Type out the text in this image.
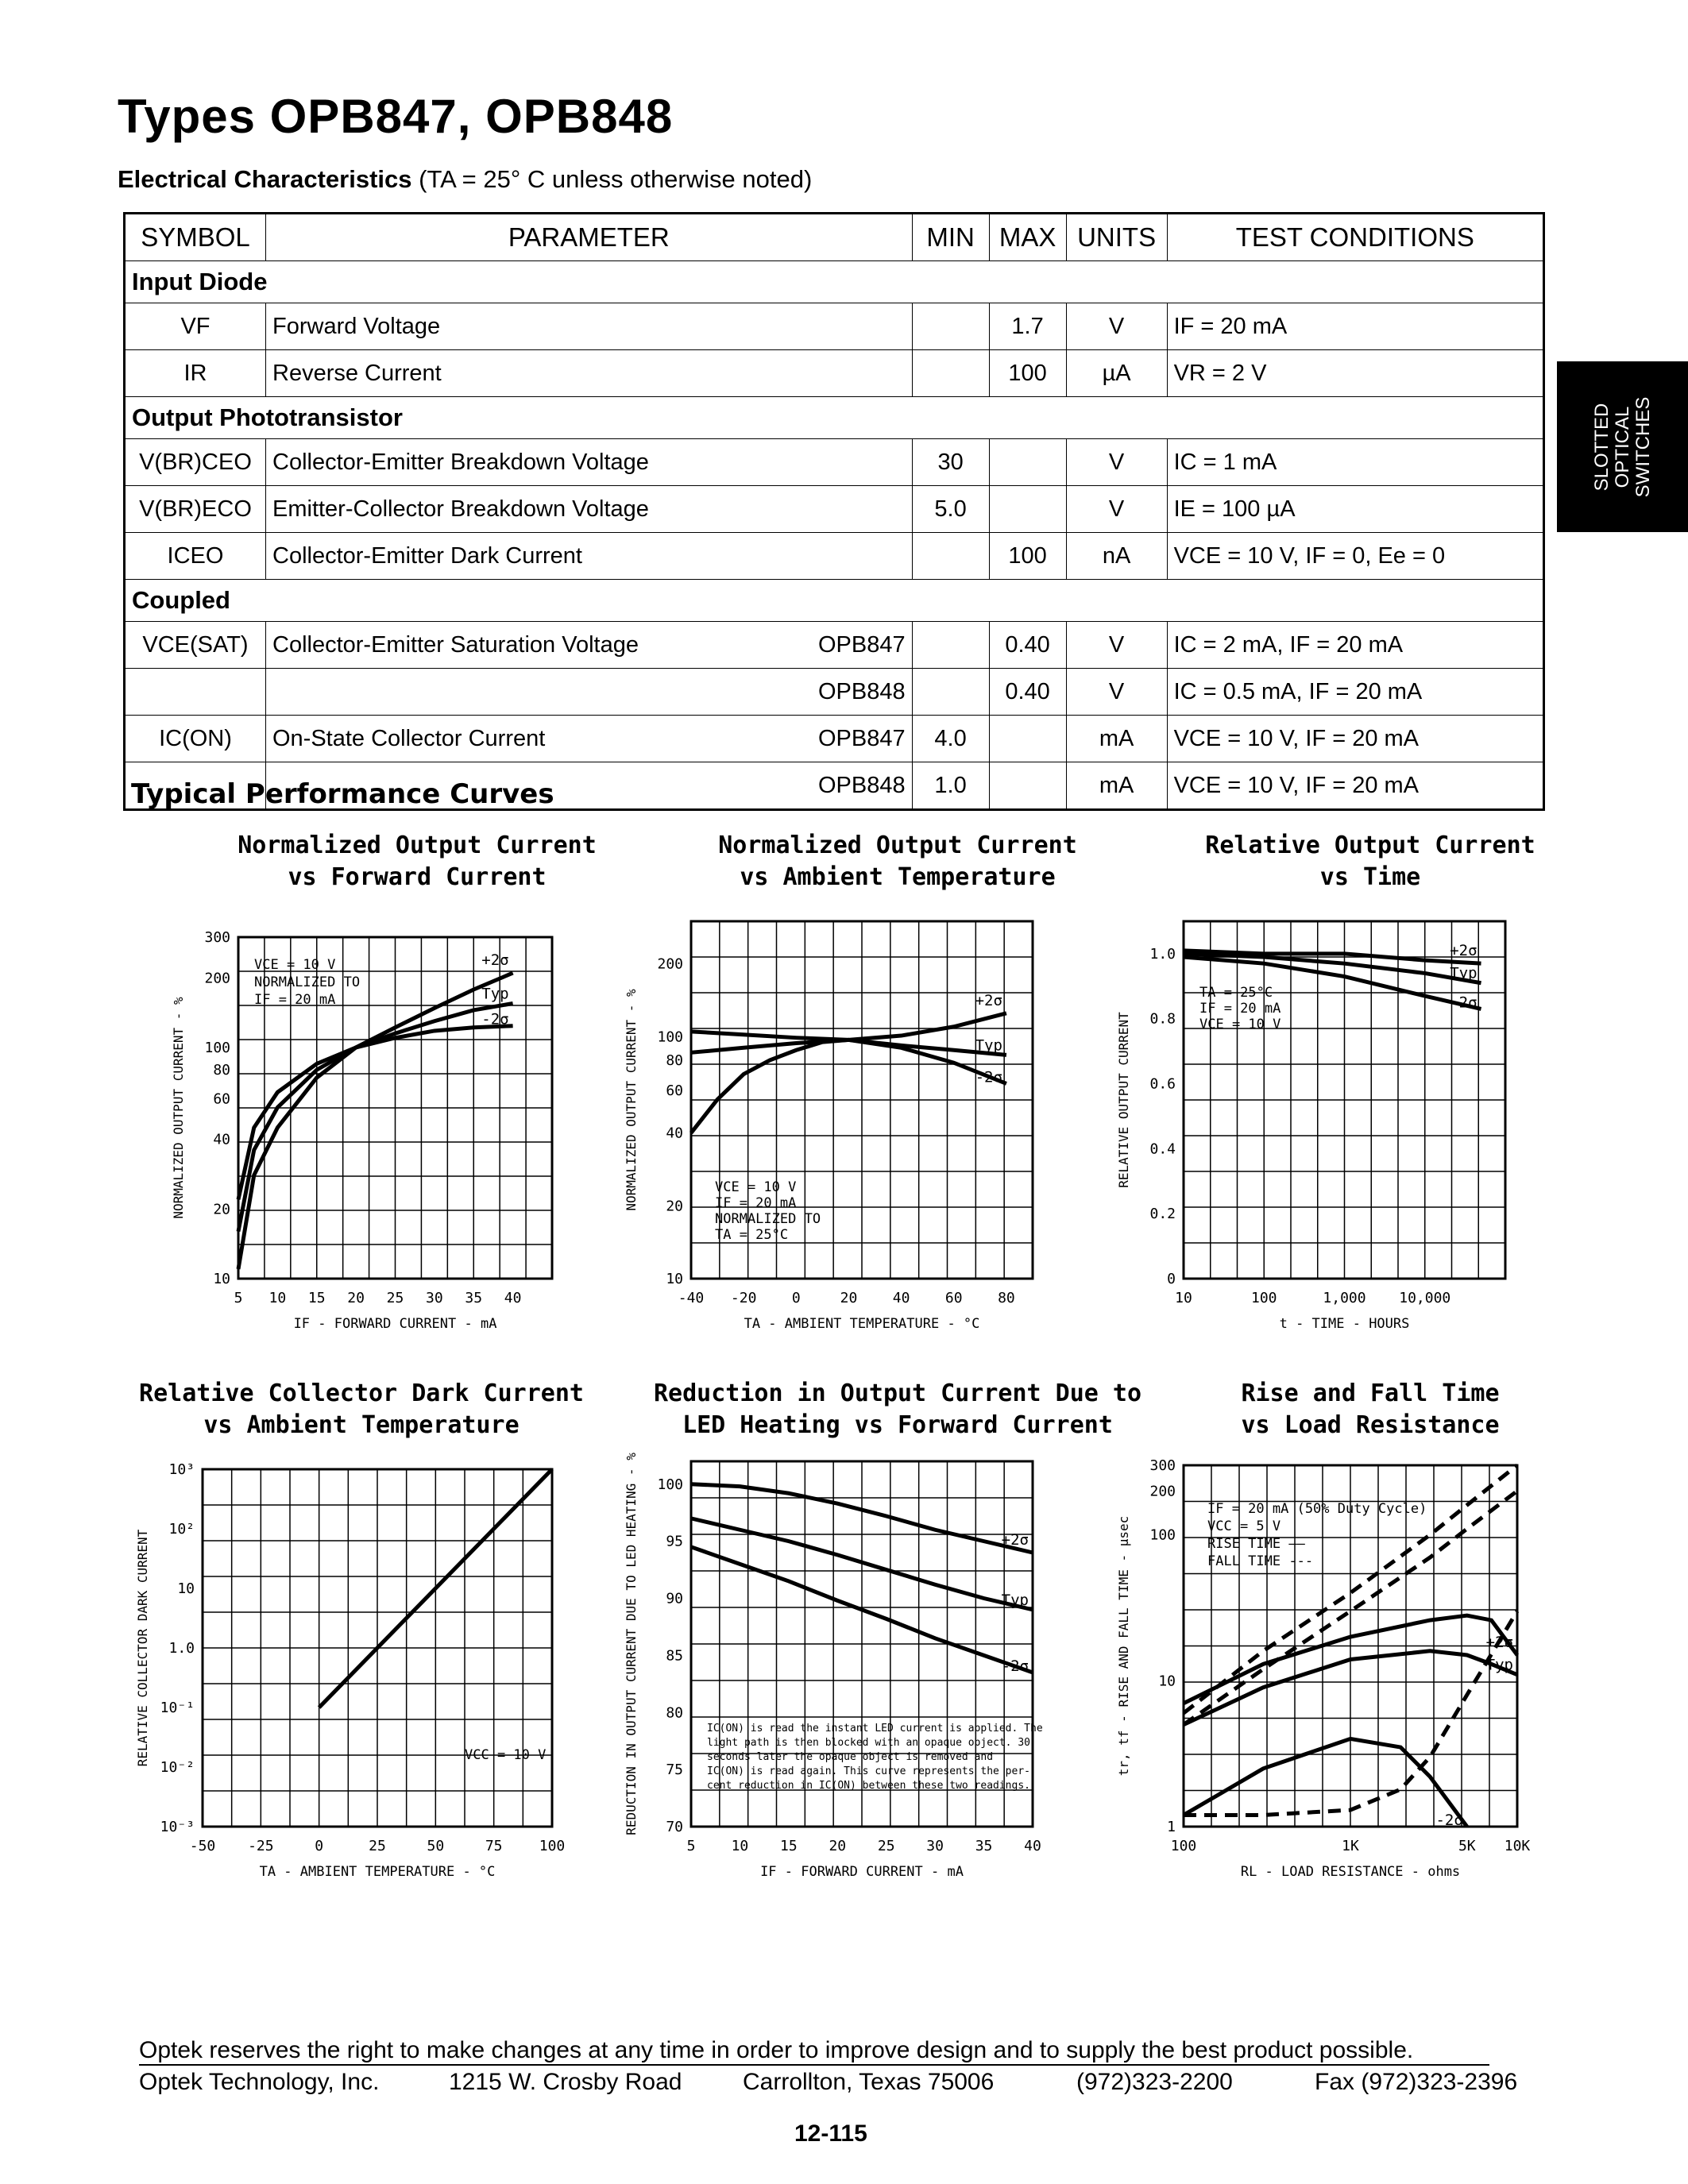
Types OPB847, OPB848
Electrical Characteristics (TA = 25° C unless otherwise noted)
SYMBOL	PARAMETER		MIN	MAX	UNITS	TEST CONDITIONS
Input Diode						
VF	Forward Voltage			1.7	V	IF = 20 mA
IR	Reverse Current			100	µA	VR = 2 V
Output Phototransistor						
V(BR)CEO	Collector-Emitter Breakdown Voltage		30		V	IC = 1 mA
V(BR)ECO	Emitter-Collector Breakdown Voltage		5.0		V	IE = 100 µA
ICEO	Collector-Emitter Dark Current			100	nA	VCE = 10 V, IF = 0, Ee = 0
Coupled						
VCE(SAT)	Collector-Emitter Saturation Voltage	OPB847		0.40	V	IC = 2 mA, IF = 20 mA
		OPB848		0.40	V	IC = 0.5 mA, IF = 20 mA
IC(ON)	On-State Collector Current	OPB847	4.0		mA	VCE = 10 V, IF = 20 mA
		OPB848	1.0		mA	VCE = 10 V, IF = 20 mA
SLOTTED
OPTICAL
SWITCHES
Typical Performance Curves
Normalized Output Current
vs Forward Current
5 10 15 20 25 30 35 40
10
20
40
60
80
100
200
300
IF - FORWARD CURRENT - mA
NORMALIZED OUTPUT CURRENT - %
+2σ
Typ
-2σ
VCE = 10 V
NORMALIZED TO
IF = 20 mA
Normalized Output Current
vs Ambient Temperature
-40 -20 0	20 40 60 80
10
20
40
60
80
100
200
TA - AMBIENT TEMPERATURE - °C
NORMALIZED OUTPUT CURRENT - %	+2σ
Typ
-2σ
VCE = 10 V
IF = 20 mA
NORMALIZED TO
TA = 25°C
Relative Output Current
vs Time
10	100	1,000 10,000
0
0.2
0.4
0.6
0.8
1.0
t - TIME - HOURS
RELATIVE OUTPUT CURRENT
+2σ
Typ
-2σ
TA = 25°C
IF = 20 mA
VCE = 10 V
Relative Collector Dark Current
vs Ambient Temperature
-50 -25	0	25	50	75	100
10⁻³
10⁻²
10⁻¹
1.0
10
10²
10³
TA - AMBIENT TEMPERATURE - °C
RELATIVE COLLECTOR DARK CURRENT	VCC = 10 V
Reduction in Output Current Due to
LED Heating vs Forward Current
5	10 15 20 25 30 35 40
70
75
80
85
90
95
100
IF - FORWARD CURRENT - mA
REDUCTION IN OUTPUT CURRENT DUE TO LED HEATING - %	+2σ
Typ
-2σ
IC(ON) is read the instant LED current is applied. The
light path is then blocked with an opaque object. 30
seconds later the opaque object is removed and
IC(ON) is read again. This curve represents the per-
cent reduction in IC(ON) between these two readings.
Rise and Fall Time
vs Load Resistance
100	1K	5K 10K
1
10
100
200
300
RL - LOAD RESISTANCE - ohms
tr, tf - RISE AND FALL TIME - µsec	+2σ
Typ
-2σ
IF = 20 mA (50% Duty Cycle)
VCC = 5 V
RISE TIME ——
FALL TIME ---
Optek reserves the right to make changes at any time in order to improve design and to supply the best product possible.
Optek Technology, Inc.	1215 W. Crosby Road	Carrollton, Texas 75006	(972)323-2200	Fax (972)323-2396
12-115
